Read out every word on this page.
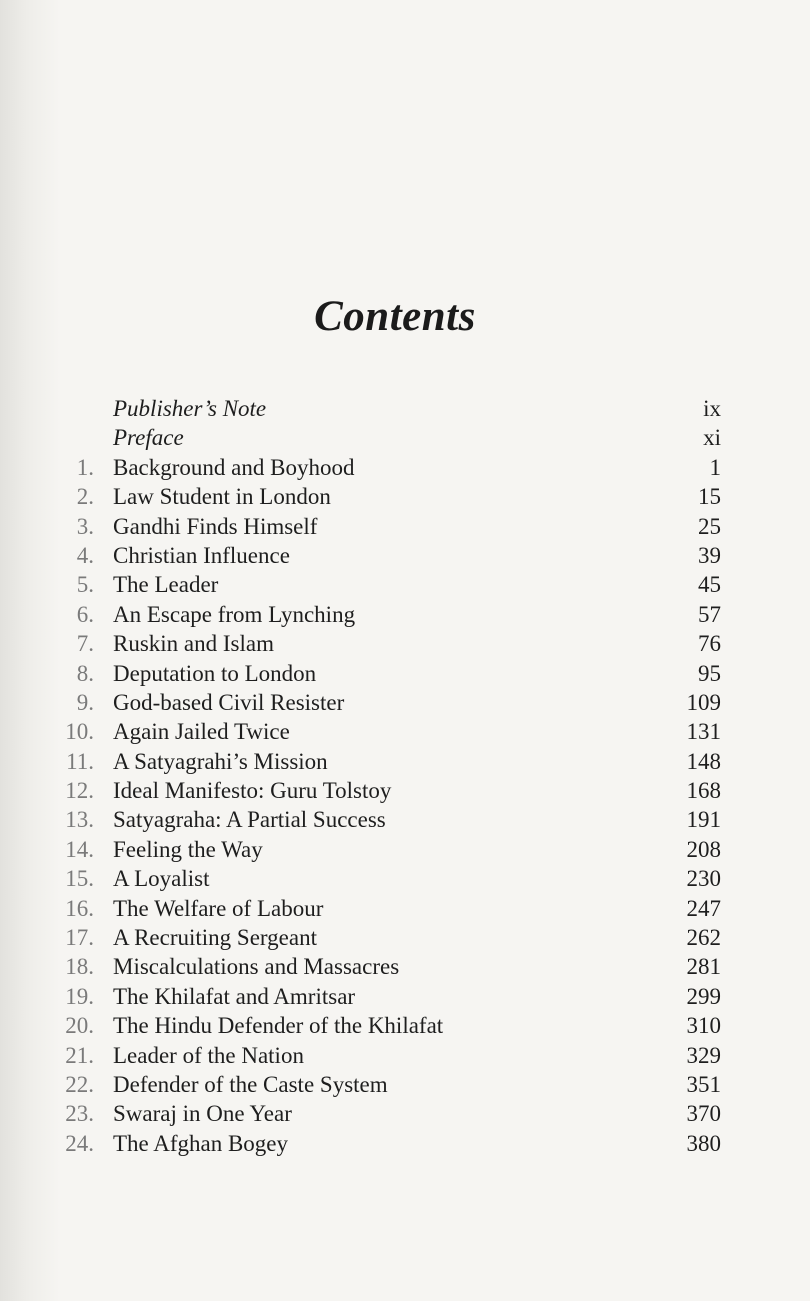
Contents
Publisher’s Note	ix
Preface	xi
1. Background and Boyhood	1
2. Law Student in London	15
3. Gandhi Finds Himself	25
4. Christian Influence	39
5. The Leader	45
6. An Escape from Lynching	57
7. Ruskin and Islam	76
8. Deputation to London	95
9. God-based Civil Resister	109
10. Again Jailed Twice	131
11. A Satyagrahi’s Mission	148
12. Ideal Manifesto: Guru Tolstoy	168
13. Satyagraha: A Partial Success	191
14. Feeling the Way	208
15. A Loyalist	230
16. The Welfare of Labour	247
17. A Recruiting Sergeant	262
18. Miscalculations and Massacres	281
19. The Khilafat and Amritsar	299
20. The Hindu Defender of the Khilafat	310
21. Leader of the Nation	329
22. Defender of the Caste System	351
23. Swaraj in One Year	370
24. The Afghan Bogey	380
